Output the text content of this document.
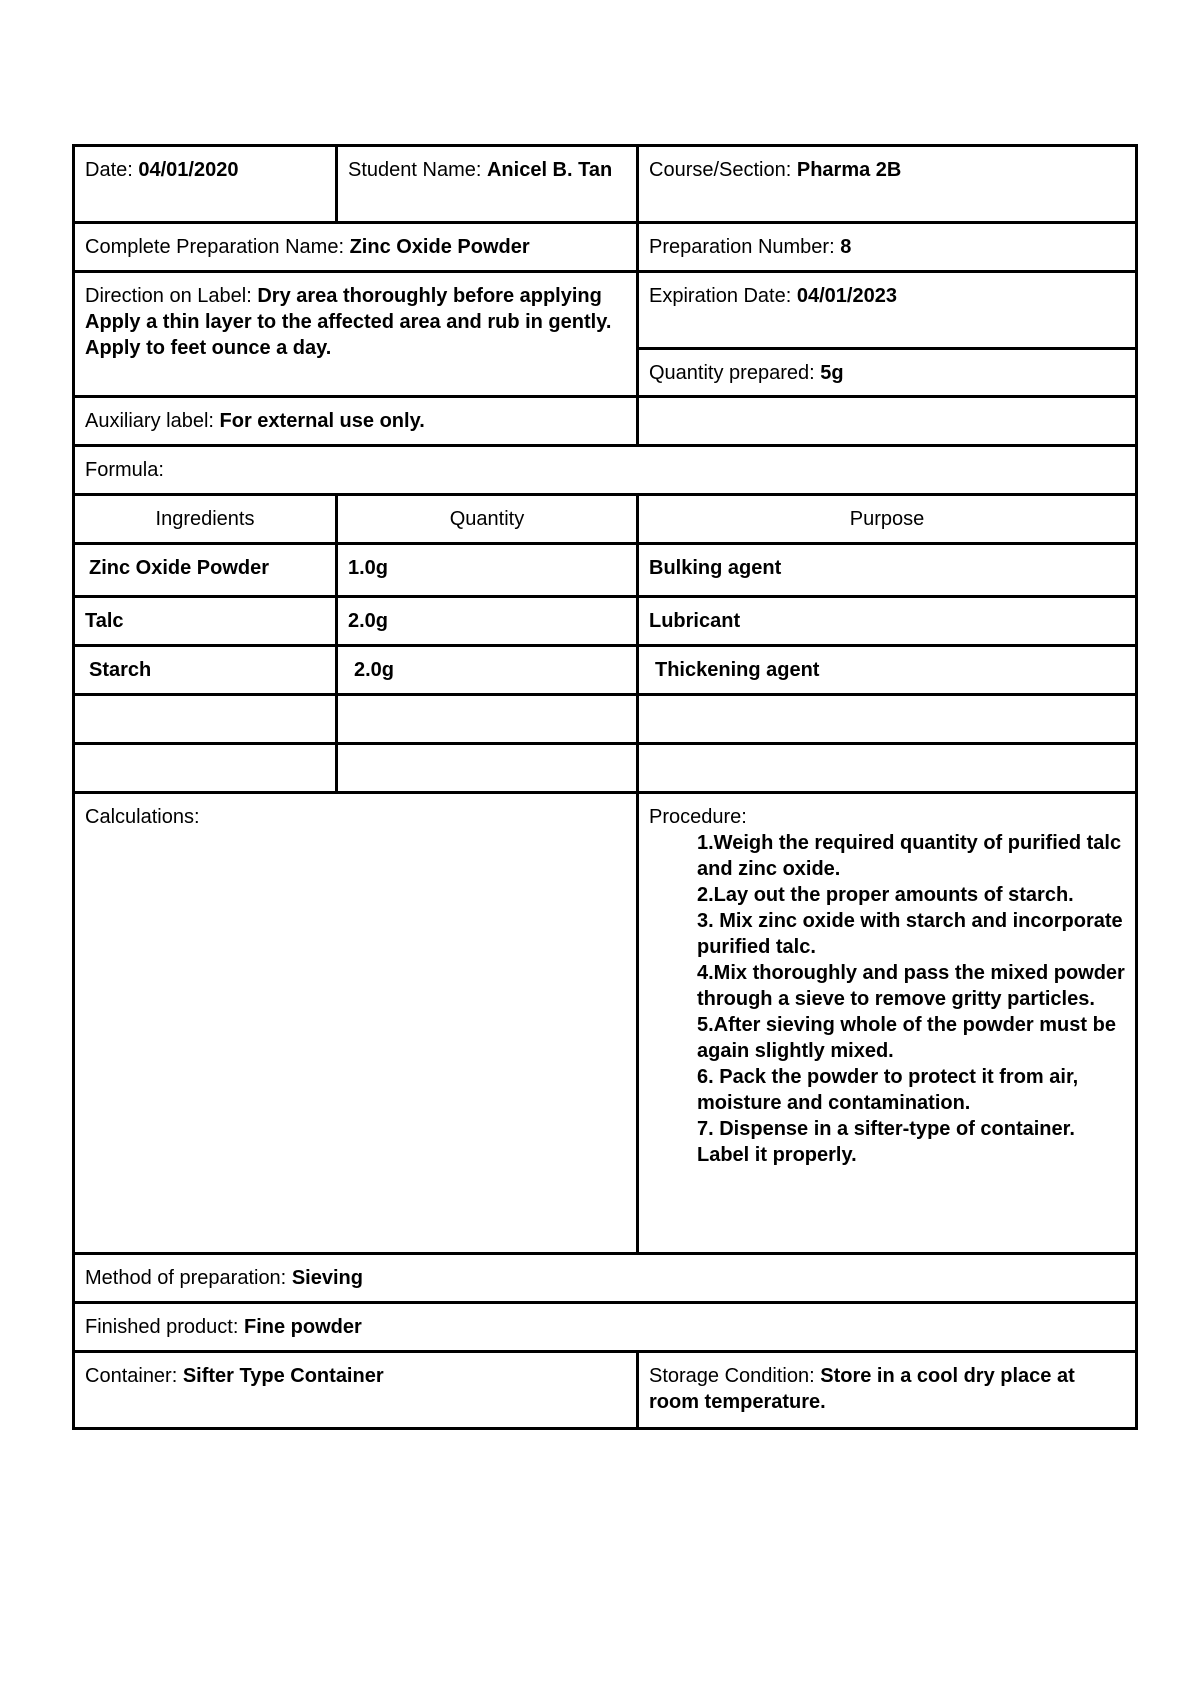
Date: 04/01/2020	Student Name: Anicel B. Tan	Course/Section: Pharma 2B
Complete Preparation Name: Zinc Oxide Powder	Preparation Number: 8
Direction on Label: Dry area thoroughly before applying Apply a thin layer to the affected area and rub in gently. Apply to feet ounce a day.
Expiration Date: 04/01/2023
Quantity prepared: 5g
Auxiliary label: For external use only.
Formula:
Ingredients	Quantity	Purpose
Zinc Oxide Powder	1.0g	Bulking agent
Talc	2.0g	Lubricant
Starch	2.0g	Thickening agent
Calculations:	Procedure:
1.Weigh the required quantity of purified talc and zinc oxide.
2.Lay out the proper amounts of starch.
3. Mix zinc oxide with starch and incorporate purified talc.
4.Mix thoroughly and pass the mixed powder through a sieve to remove gritty particles.
5.After sieving whole of the powder must be again slightly mixed.
6. Pack the powder to protect it from air, moisture and contamination.
7. Dispense in a sifter-type of container. Label it properly.
Method of preparation: Sieving
Finished product: Fine powder
Container: Sifter Type Container	Storage Condition: Store in a cool dry place at room temperature.
